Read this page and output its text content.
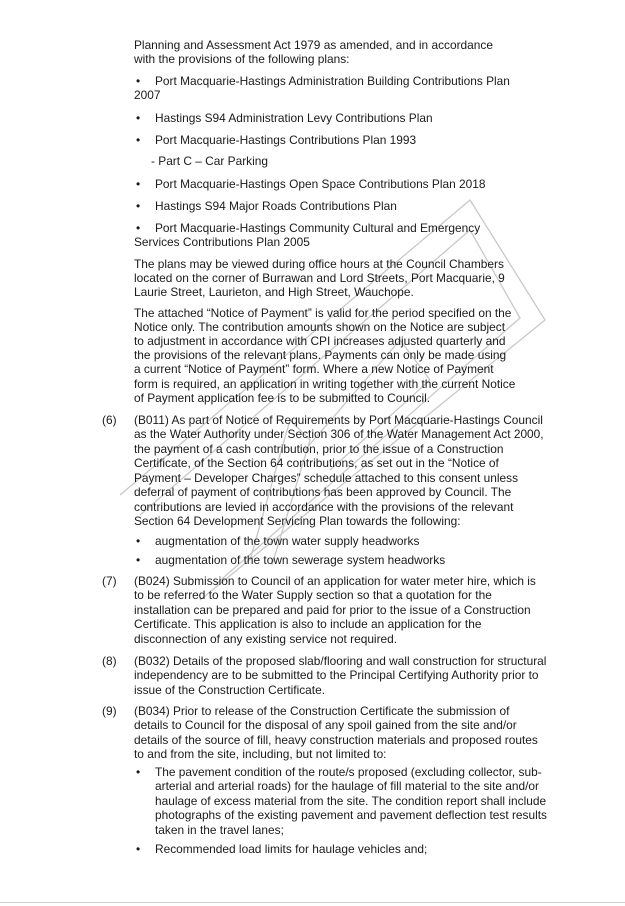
Planning and Assessment Act 1979 as amended, and in accordance
with the provisions of the following plans:
• Port Macquarie-Hastings Administration Building Contributions Plan
2007
• Hastings S94 Administration Levy Contributions Plan
• Port Macquarie-Hastings Contributions Plan 1993
- Part C – Car Parking
• Port Macquarie-Hastings Open Space Contributions Plan 2018
• Hastings S94 Major Roads Contributions Plan
• Port Macquarie-Hastings Community Cultural and Emergency
Services Contributions Plan 2005
The plans may be viewed during office hours at the Council Chambers
located on the corner of Burrawan and Lord Streets, Port Macquarie, 9
Laurie Street, Laurieton, and High Street, Wauchope.
The attached “Notice of Payment” is valid for the period specified on the
Notice only. The contribution amounts shown on the Notice are subject
to adjustment in accordance with CPI increases adjusted quarterly and
the provisions of the relevant plans. Payments can only be made using
a current “Notice of Payment” form. Where a new Notice of Payment
form is required, an application in writing together with the current Notice
of Payment application fee is to be submitted to Council.
(6) (B011) As part of Notice of Requirements by Port Macquarie-Hastings Council
as the Water Authority under Section 306 of the Water Management Act 2000,
the payment of a cash contribution, prior to the issue of a Construction
Certificate, of the Section 64 contributions, as set out in the “Notice of
Payment – Developer Charges” schedule attached to this consent unless
deferral of payment of contributions has been approved by Council. The
contributions are levied in accordance with the provisions of the relevant
Section 64 Development Servicing Plan towards the following:
• augmentation of the town water supply headworks
• augmentation of the town sewerage system headworks
(7) (B024) Submission to Council of an application for water meter hire, which is
to be referred to the Water Supply section so that a quotation for the
installation can be prepared and paid for prior to the issue of a Construction
Certificate. This application is also to include an application for the
disconnection of any existing service not required.
(8) (B032) Details of the proposed slab/flooring and wall construction for structural
independency are to be submitted to the Principal Certifying Authority prior to
issue of the Construction Certificate.
(9) (B034) Prior to release of the Construction Certificate the submission of
details to Council for the disposal of any spoil gained from the site and/or
details of the source of fill, heavy construction materials and proposed routes
to and from the site, including, but not limited to:
• The pavement condition of the route/s proposed (excluding collector, sub-
arterial and arterial roads) for the haulage of fill material to the site and/or
haulage of excess material from the site. The condition report shall include
photographs of the existing pavement and pavement deflection test results
taken in the travel lanes;
• Recommended load limits for haulage vehicles and;
